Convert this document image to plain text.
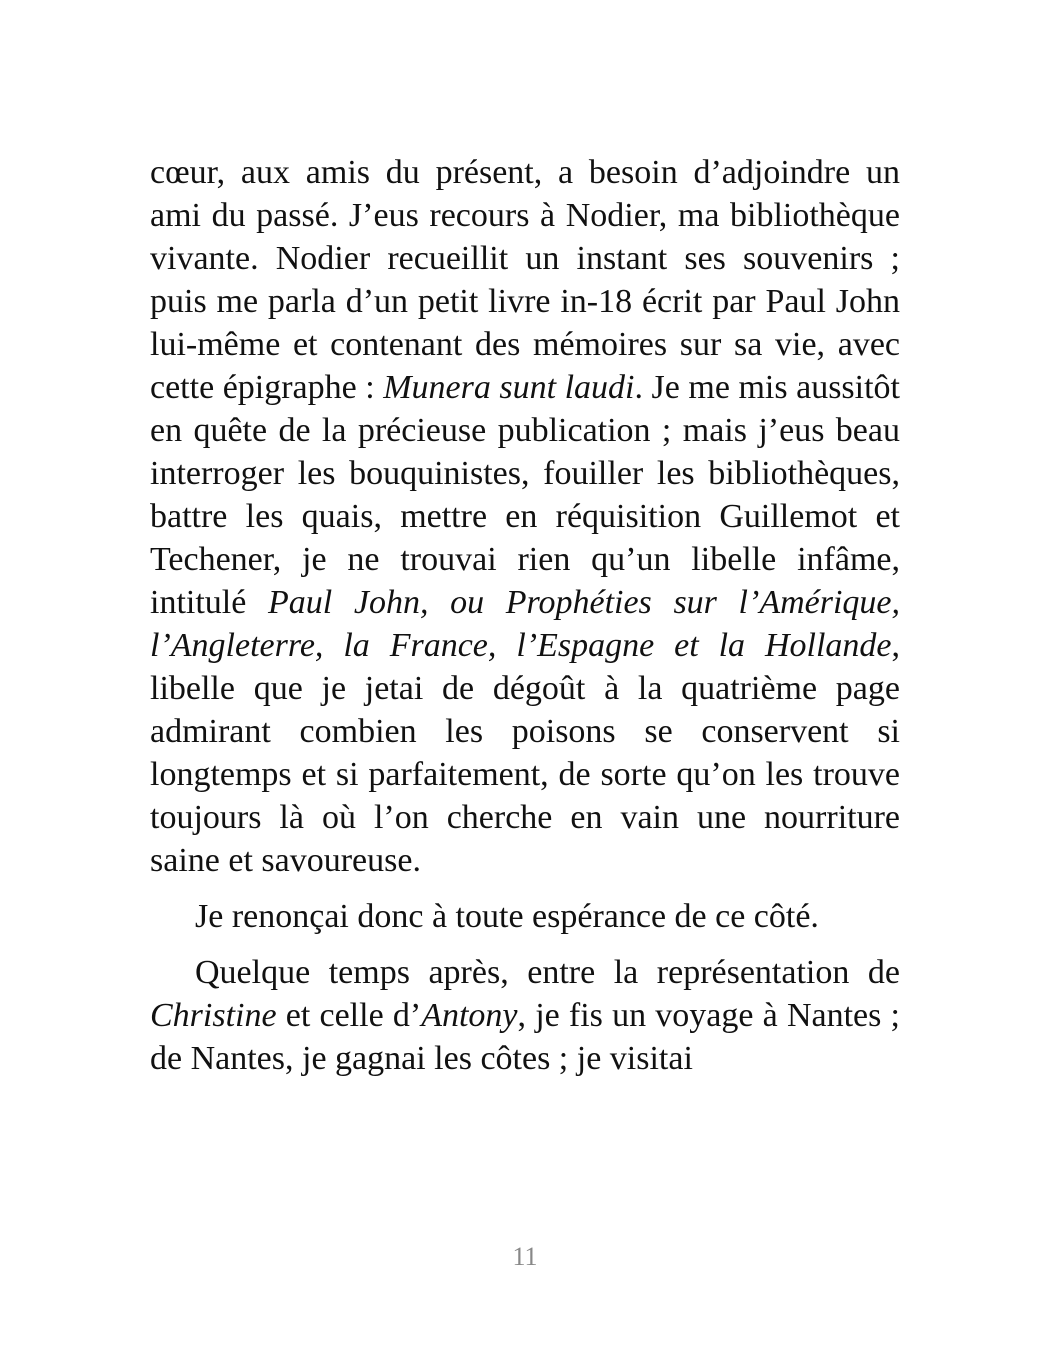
cœur, aux amis du présent, a besoin d’adjoindre un ami du passé. J’eus recours à Nodier, ma bibliothèque vivante. Nodier recueillit un instant ses souvenirs ; puis me parla d’un petit livre in-18 écrit par Paul John lui-même et contenant des mémoires sur sa vie, avec cette épigraphe : Munera sunt laudi. Je me mis aussitôt en quête de la précieuse publication ; mais j’eus beau interroger les bouquinistes, fouiller les bibliothèques, battre les quais, mettre en réquisition Guillemot et Techener, je ne trouvai rien qu’un libelle infâme, intitulé Paul John, ou Prophéties sur l’Amérique, l’Angleterre, la France, l’Espagne et la Hollande, libelle que je jetai de dégoût à la quatrième page admirant combien les poisons se conservent si longtemps et si parfaitement, de sorte qu’on les trouve toujours là où l’on cherche en vain une nourriture saine et savoureuse.

Je renonçai donc à toute espérance de ce côté.

Quelque temps après, entre la représentation de Christine et celle d’Antony, je fis un voyage à Nantes ; de Nantes, je gagnai les côtes ; je visitai

11
